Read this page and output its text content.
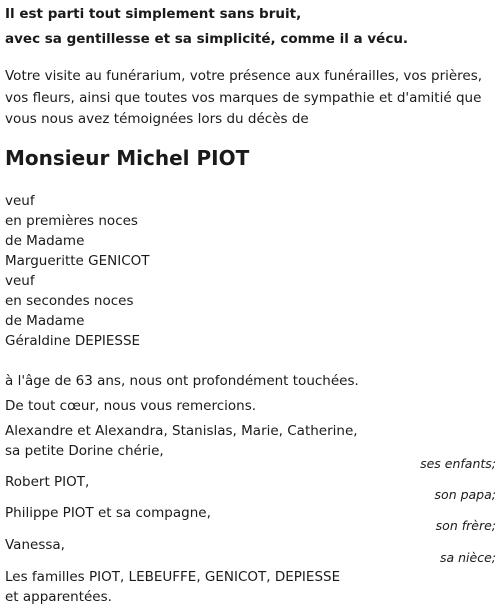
Il est parti tout simplement sans bruit,
avec sa gentillesse et sa simplicité, comme il a vécu.
Votre visite au funérarium, votre présence aux funérailles, vos prières,
vos fleurs, ainsi que toutes vos marques de sympathie et d'amitié que
vous nous avez témoignées lors du décès de
Monsieur Michel PIOT
veuf
en premières noces
de Madame
Margueritte GENICOT
veuf
en secondes noces
de Madame
Géraldine DEPIESSE
à l'âge de 63 ans, nous ont profondément touchées.
De tout cœur, nous vous remercions.
Alexandre et Alexandra, Stanislas, Marie, Catherine,
sa petite Dorine chérie,
ses enfants;
Robert PIOT,
son papa;
Philippe PIOT et sa compagne,
son frère;
Vanessa,
sa nièce;
Les familles PIOT, LEBEUFFE, GENICOT, DEPIESSE
et apparentées.
